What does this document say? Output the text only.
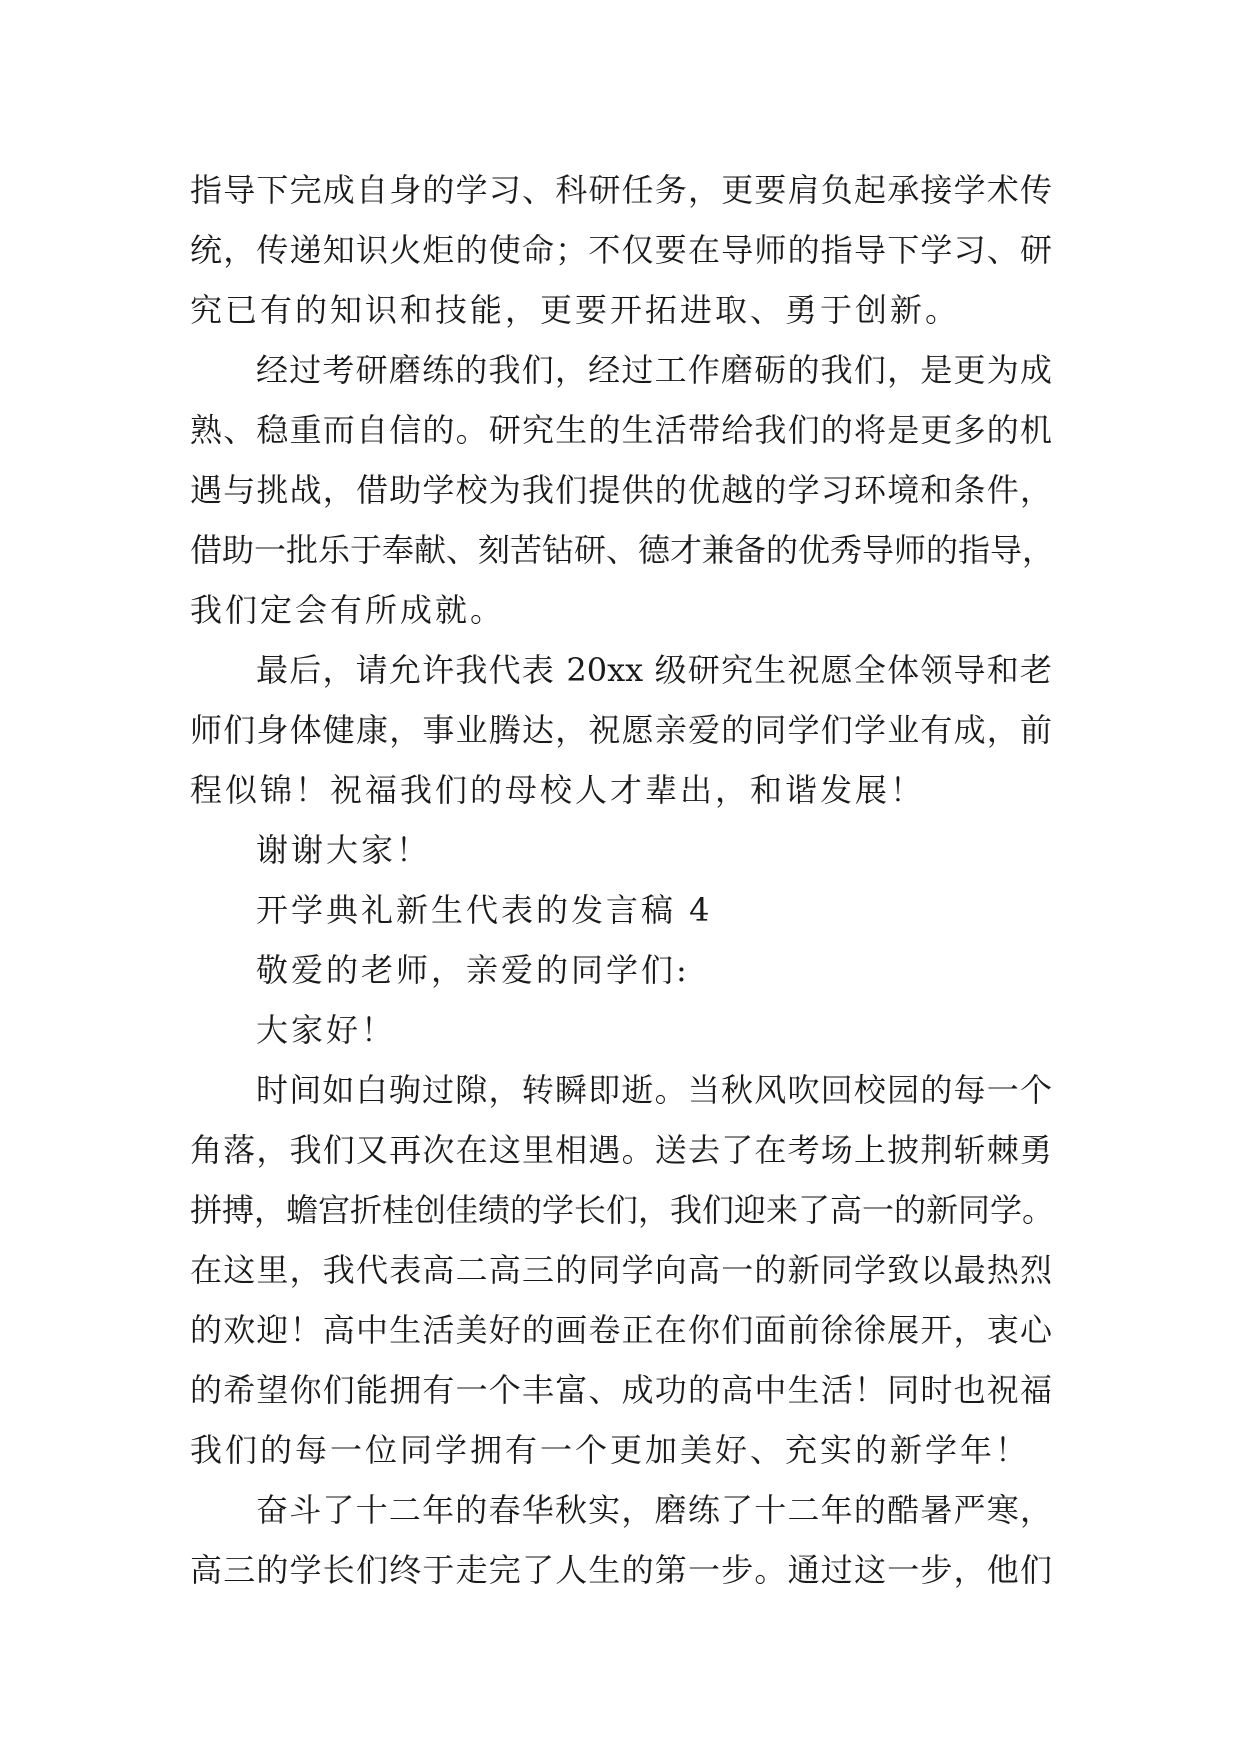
指导下完成自身的学习、科研任务，更要肩负起承接学术传
统，传递知识火炬的使命；不仅要在导师的指导下学习、研
究已有的知识和技能，更要开拓进取、勇于创新。
经过考研磨练的我们，经过工作磨砺的我们，是更为成
熟、稳重而自信的。研究生的生活带给我们的将是更多的机
遇与挑战，借助学校为我们提供的优越的学习环境和条件，
借助一批乐于奉献、刻苦钻研、德才兼备的优秀导师的指导，
我们定会有所成就。
最后，请允许我代表 20xx 级研究生祝愿全体领导和老
师们身体健康，事业腾达，祝愿亲爱的同学们学业有成，前
程似锦！祝福我们的母校人才辈出，和谐发展！
谢谢大家！
开学典礼新生代表的发言稿 4
敬爱的老师，亲爱的同学们:
大家好！
时间如白驹过隙，转瞬即逝。当秋风吹回校园的每一个
角落，我们又再次在这里相遇。送去了在考场上披荆斩棘勇
拼搏，蟾宫折桂创佳绩的学长们，我们迎来了高一的新同学。
在这里，我代表高二高三的同学向高一的新同学致以最热烈
的欢迎！高中生活美好的画卷正在你们面前徐徐展开，衷心
的希望你们能拥有一个丰富、成功的高中生活！同时也祝福
我们的每一位同学拥有一个更加美好、充实的新学年！
奋斗了十二年的春华秋实，磨练了十二年的酷暑严寒，
高三的学长们终于走完了人生的第一步。通过这一步，他们
